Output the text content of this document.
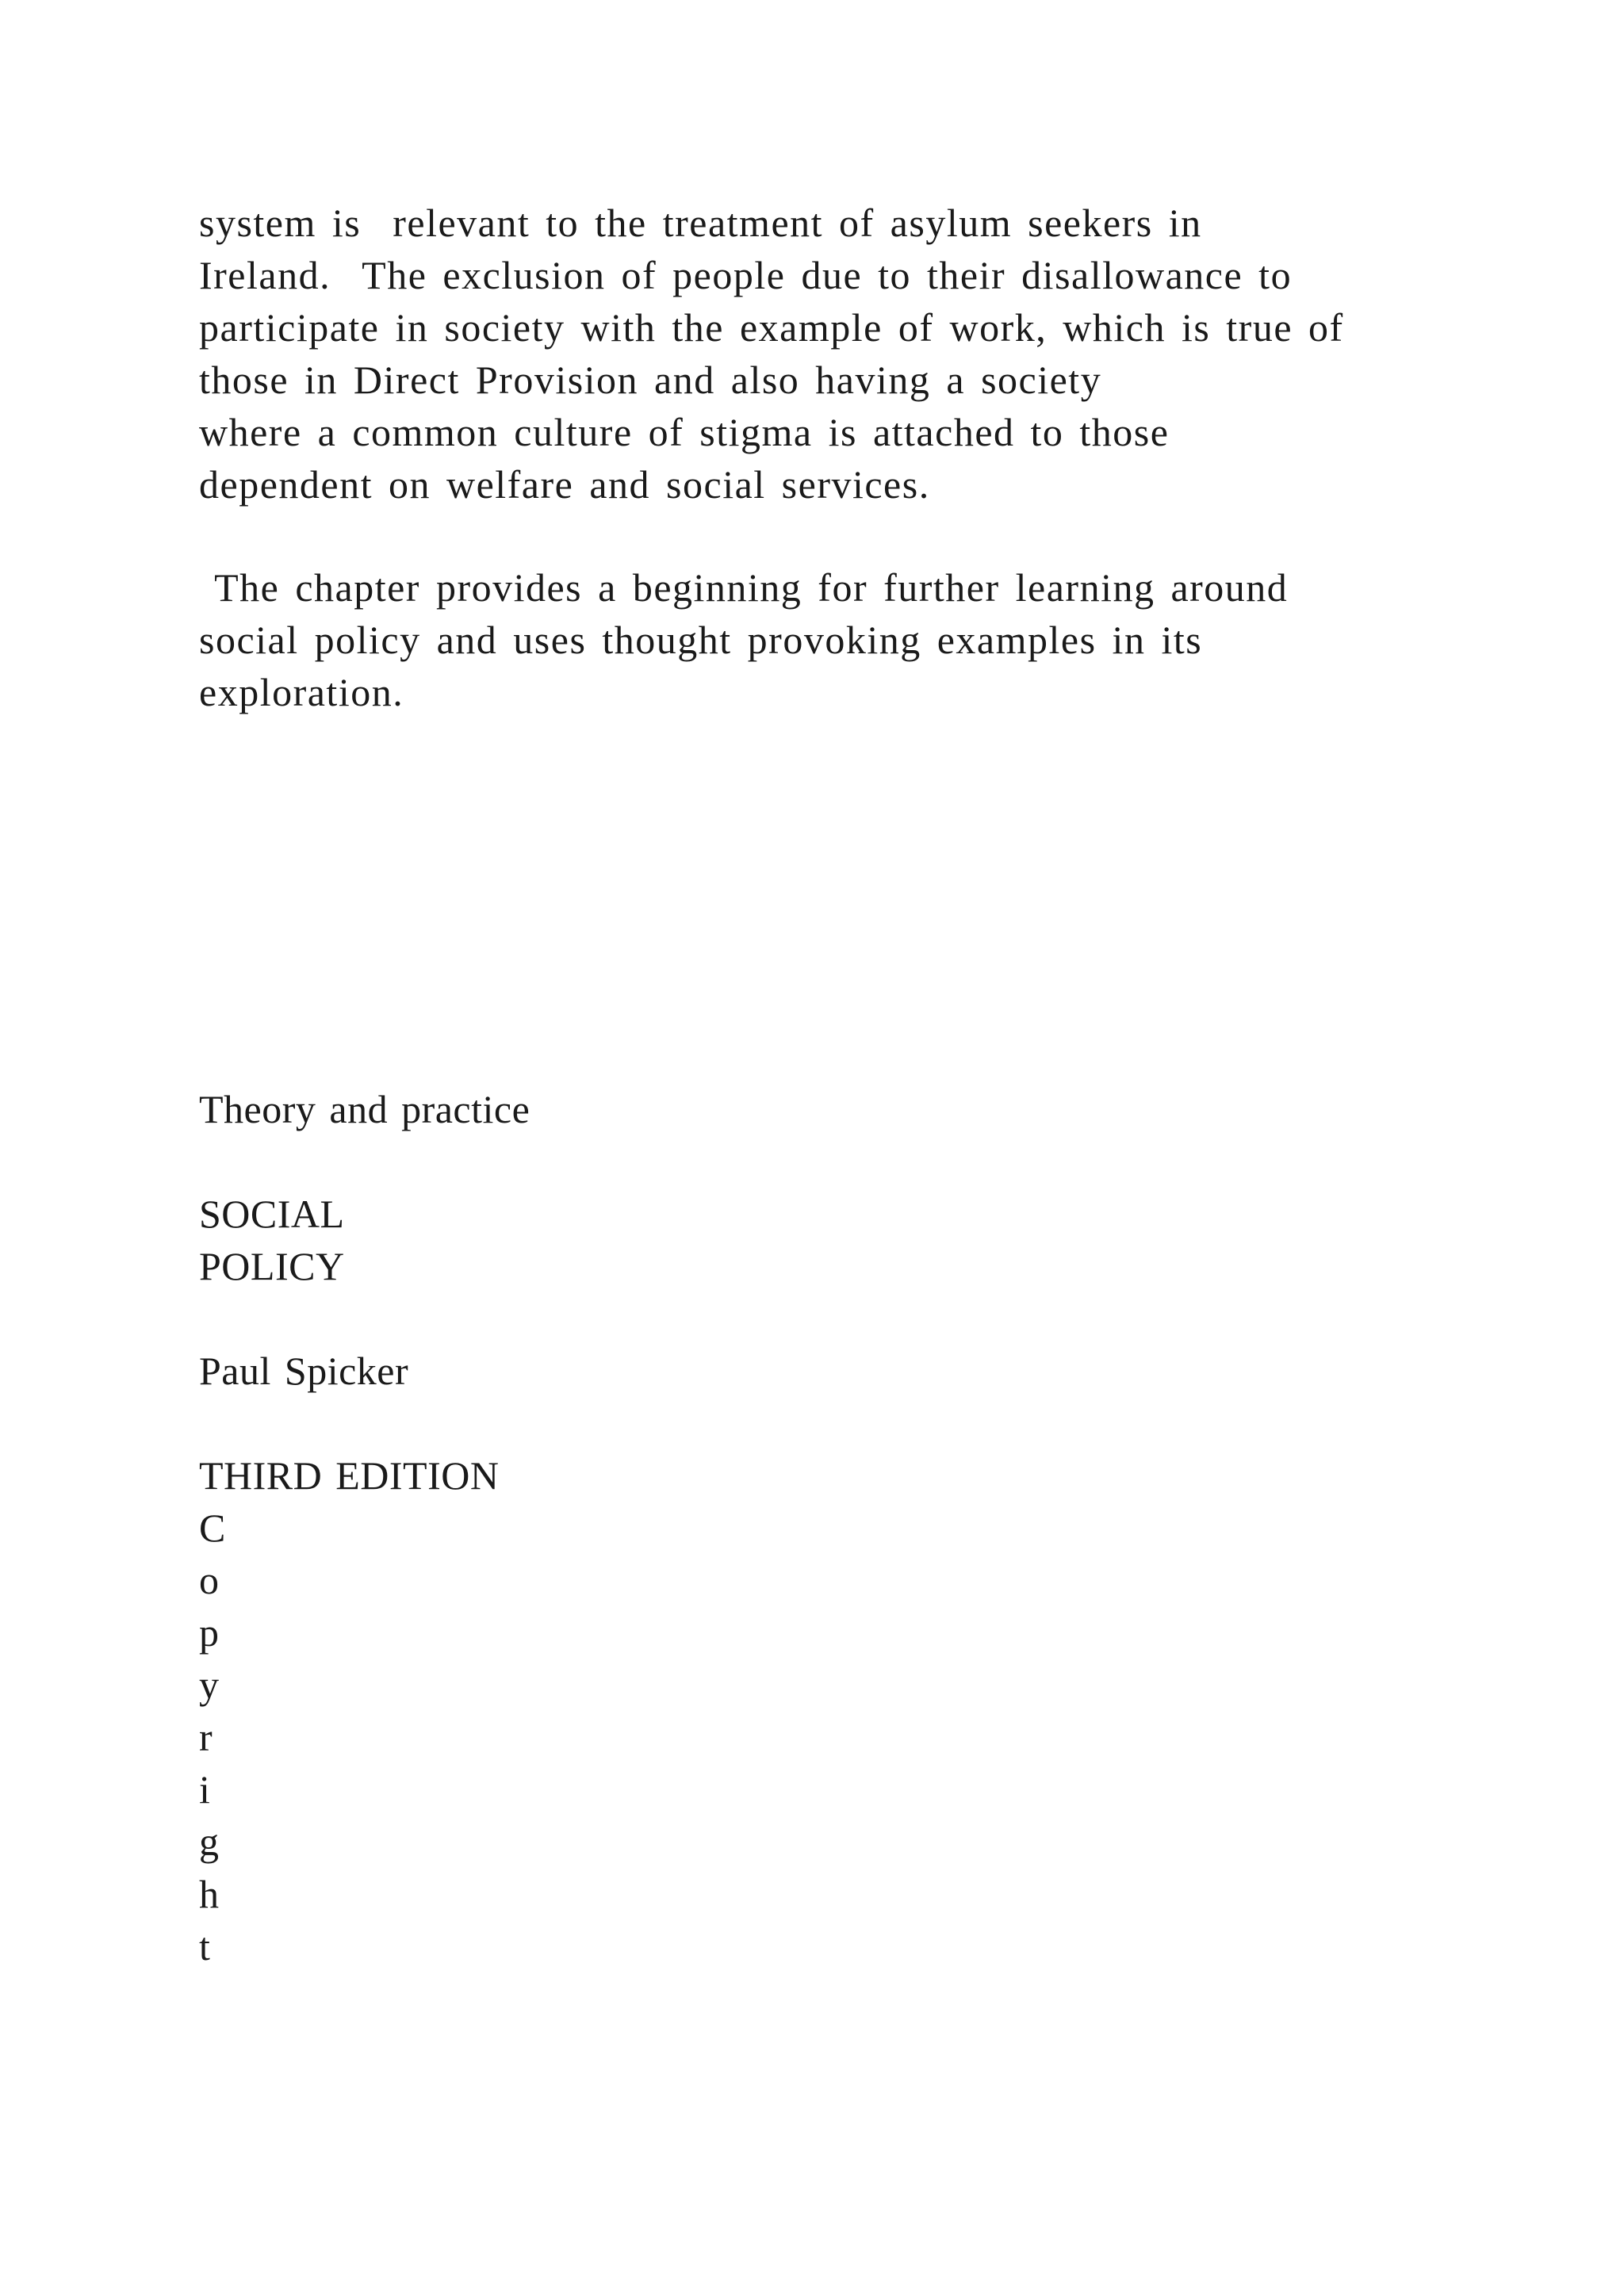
system is  relevant to the treatment of asylum seekers in

Ireland.  The exclusion of people due to their disallowance to

participate in society with the example of work, which is true of

those in Direct Provision and also having a society

where a common culture of stigma is attached to those

dependent on welfare and social services.

The chapter provides a beginning for further learning around

social policy and uses thought provoking examples in its

exploration.

Theory and practice

SOCIAL

POLICY

Paul Spicker

THIRD EDITION

C

o

p

y

r

i

g

h

t
